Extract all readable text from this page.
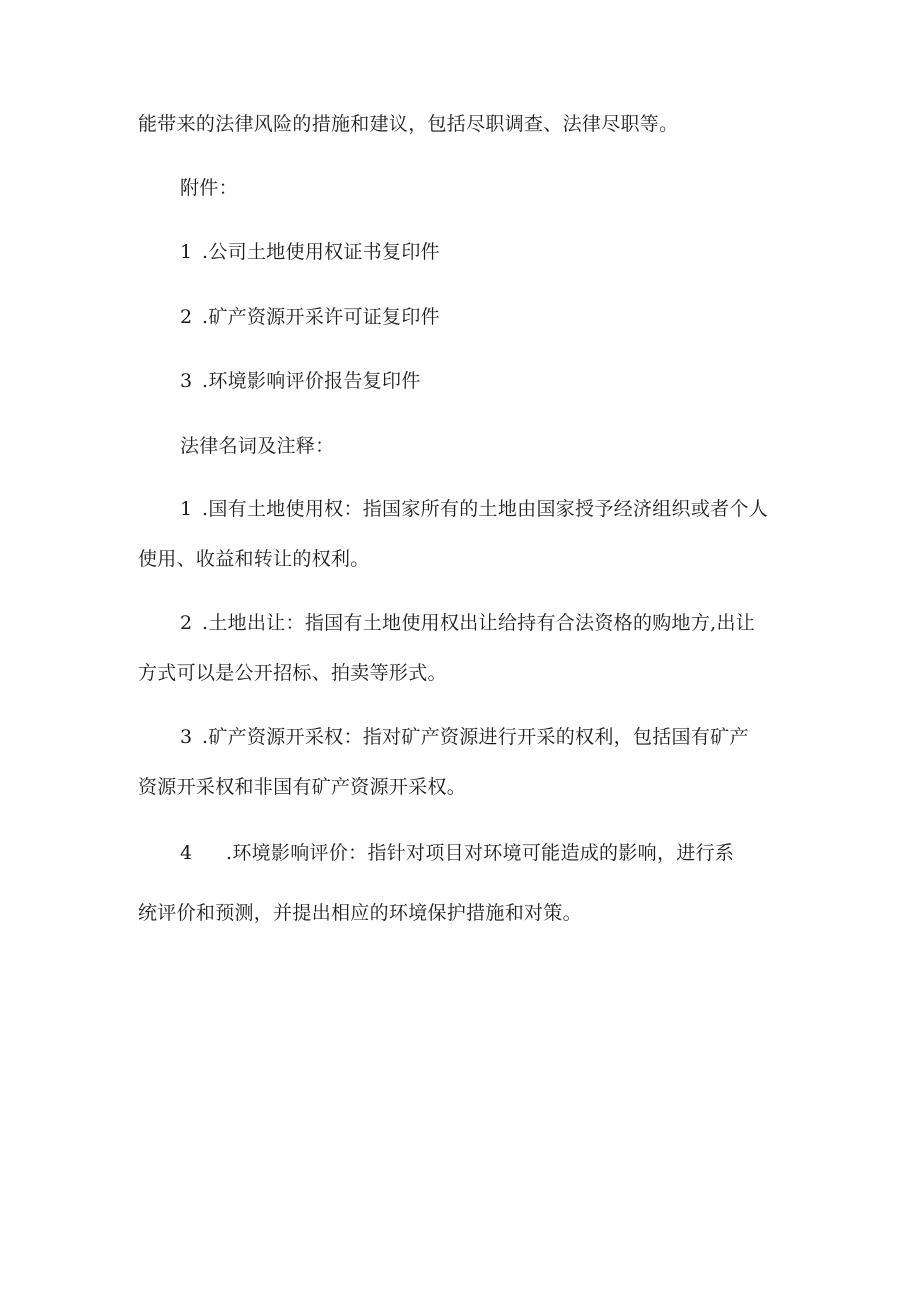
能带来的法律风险的措施和建议，包括尽职调查、法律尽职等。
附件：
1 .公司土地使用权证书复印件
2 .矿产资源开采许可证复印件
3 .环境影响评价报告复印件
法律名词及注释：
1 .国有土地使用权：指国家所有的土地由国家授予经济组织或者个人
使用、收益和转让的权利。
2 .土地出让：指国有土地使用权出让给持有合法资格的购地方,出让
方式可以是公开招标、拍卖等形式。
3 .矿产资源开采权：指对矿产资源进行开采的权利，包括国有矿产
资源开采权和非国有矿产资源开采权。
4 .环境影响评价：指针对项目对环境可能造成的影响，进行系
统评价和预测，并提出相应的环境保护措施和对策。
